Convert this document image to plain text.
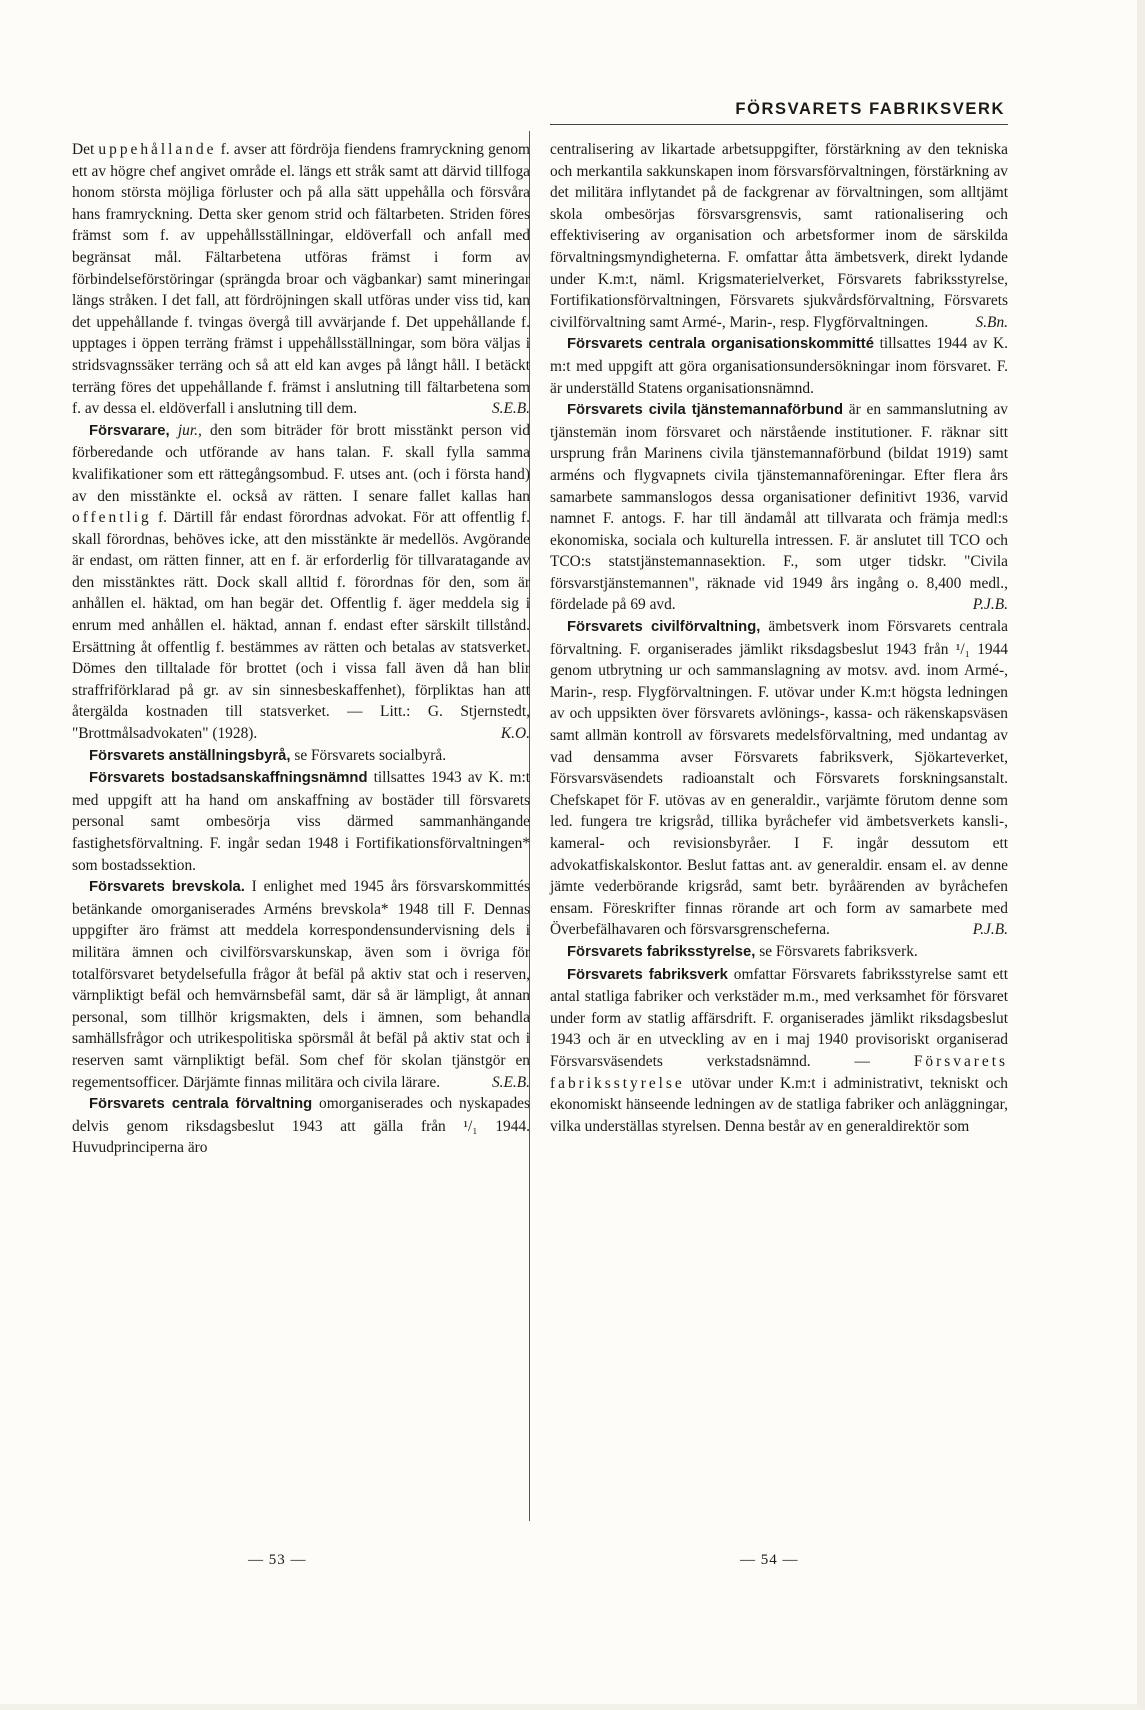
FÖRSVARETS FABRIKSVERK

Det uppehållande f. avser att fördröja fiendens framryckning genom ett av högre chef angivet område el. längs ett stråk samt att därvid tillfoga honom största möjliga förluster och på alla sätt uppehålla och försvåra hans framryckning. Detta sker genom strid och fältarbeten. Striden föres främst som f. av uppehållsställningar, eldöverfall och anfall med begränsat mål. Fältarbetena utföras främst i form av förbindelseförstöringar (sprängda broar och vägbankar) samt mineringar längs stråken. I det fall, att fördröjningen skall utföras under viss tid, kan det uppehållande f. tvingas övergå till avvärjande f. Det uppehållande f. upptages i öppen terräng främst i uppehållsställningar, som böra väljas i stridsvagnssäker terräng och så att eld kan avges på långt håll. I betäckt terräng föres det uppehållande f. främst i anslutning till fältarbetena som f. av dessa el. eldöverfall i anslutning till dem.	S.E.B.

Försvarare, jur., den som biträder för brott misstänkt person vid förberedande och utförande av hans talan. F. skall fylla samma kvalifikationer som ett rättegångsombud. F. utses ant. (och i första hand) av den misstänkte el. också av rätten. I senare fallet kallas han offentlig f. Därtill får endast förordnas advokat. För att offentlig f. skall förordnas, behöves icke, att den misstänkte är medellös. Avgörande är endast, om rätten finner, att en f. är erforderlig för tillvaratagande av den misstänktes rätt. Dock skall alltid f. förordnas för den, som är anhållen el. häktad, om han begär det. Offentlig f. äger meddela sig i enrum med anhållen el. häktad, annan f. endast efter särskilt tillstånd. Ersättning åt offentlig f. bestämmes av rätten och betalas av statsverket. Dömes den tilltalade för brottet (och i vissa fall även då han blir straffriförklarad på gr. av sin sinnesbeskaffenhet), förpliktas han att återgälda kostnaden till statsverket. — Litt.: G. Stjernstedt, "Brottmålsadvokaten" (1928).	K.O.

Försvarets anställningsbyrå, se Försvarets socialbyrå.

Försvarets bostadsanskaffningsnämnd tillsattes 1943 av K. m:t med uppgift att ha hand om anskaffning av bostäder till försvarets personal samt ombesörja viss därmed sammanhängande fastighetsförvaltning. F. ingår sedan 1948 i Fortifikationsförvaltningen* som bostadssektion.

Försvarets brevskola. I enlighet med 1945 års försvarskommittés betänkande omorganiserades Arméns brevskola* 1948 till F. Dennas uppgifter äro främst att meddela korrespondensundervisning dels i militära ämnen och civilförsvarskunskap, även som i övriga för totalförsvaret betydelsefulla frågor åt befäl på aktiv stat och i reserven, värnpliktigt befäl och hemvärnsbefäl samt, där så är lämpligt, åt annan personal, som tillhör krigsmakten, dels i ämnen, som behandla samhällsfrågor och utrikespolitiska spörsmål åt befäl på aktiv stat och i reserven samt värnpliktigt befäl. Som chef för skolan tjänstgör en regementsofficer. Därjämte finnas militära och civila lärare.	S.E.B.

Försvarets centrala förvaltning omorganiserades och nyskapades delvis genom riksdagsbeslut 1943 att gälla från ¹/₁ 1944. Huvudprinciperna äro

centralisering av likartade arbetsuppgifter, förstärkning av den tekniska och merkantila sakkunskapen inom försvarsförvaltningen, förstärkning av det militära inflytandet på de fackgrenar av förvaltningen, som alltjämt skola ombesörjas försvarsgrensvis, samt rationalisering och effektivisering av organisation och arbetsformer inom de särskilda förvaltningsmyndigheterna. F. omfattar åtta ämbetsverk, direkt lydande under K.m:t, näml. Krigsmaterielverket, Försvarets fabriksstyrelse, Fortifikationsförvaltningen, Försvarets sjukvårdsförvaltning, Försvarets civilförvaltning samt Armé-, Marin-, resp. Flygförvaltningen.	S.Bn.

Försvarets centrala organisationskommitté tillsattes 1944 av K. m:t med uppgift att göra organisationsundersökningar inom försvaret. F. är underställd Statens organisationsnämnd.

Försvarets civila tjänstemannaförbund är en sammanslutning av tjänstemän inom försvaret och närstående institutioner. F. räknar sitt ursprung från Marinens civila tjänstemannaförbund (bildat 1919) samt arméns och flygvapnets civila tjänstemannaföreningar. Efter flera års samarbete sammanslogos dessa organisationer definitivt 1936, varvid namnet F. antogs. F. har till ändamål att tillvarata och främja medl:s ekonomiska, sociala och kulturella intressen. F. är anslutet till TCO och TCO:s statstjänstemannasektion. F., som utger tidskr. "Civila försvarstjänstemannen", räknade vid 1949 års ingång o. 8,400 medl., fördelade på 69 avd.	P.J.B.

Försvarets civilförvaltning, ämbetsverk inom Försvarets centrala förvaltning. F. organiserades jämlikt riksdagsbeslut 1943 från ¹/₁ 1944 genom utbrytning ur och sammanslagning av motsv. avd. inom Armé-, Marin-, resp. Flygförvaltningen. F. utövar under K.m:t högsta ledningen av och uppsikten över försvarets avlönings-, kassa- och räkenskapsväsen samt allmän kontroll av försvarets medelsförvaltning, med undantag av vad densamma avser Försvarets fabriksverk, Sjökarteverket, Försvarsväsendets radioanstalt och Försvarets forskningsanstalt. Chefskapet för F. utövas av en generaldir., varjämte förutom denne som led. fungera tre krigsråd, tillika byråchefer vid ämbetsverkets kansli-, kameral- och revisionsbyråer. I F. ingår dessutom ett advokatfiskalskontor. Beslut fattas ant. av generaldir. ensam el. av denne jämte vederbörande krigsråd, samt betr. byråärenden av byråchefen ensam. Föreskrifter finnas rörande art och form av samarbete med Överbefälhavaren och försvarsgrenscheferna.	P.J.B.

Försvarets fabriksstyrelse, se Försvarets fabriksverk.

Försvarets fabriksverk omfattar Försvarets fabriksstyrelse samt ett antal statliga fabriker och verkstäder m.m., med verksamhet för försvaret under form av statlig affärsdrift. F. organiserades jämlikt riksdagsbeslut 1943 och är en utveckling av en i maj 1940 provisoriskt organiserad Försvarsväsendets verkstadsnämnd. — Försvarets fabriksstyrelse utövar under K.m:t i administrativt, tekniskt och ekonomiskt hänseende ledningen av de statliga fabriker och anläggningar, vilka underställas styrelsen. Denna består av en generaldirektör som

— 53 —	— 54 —
